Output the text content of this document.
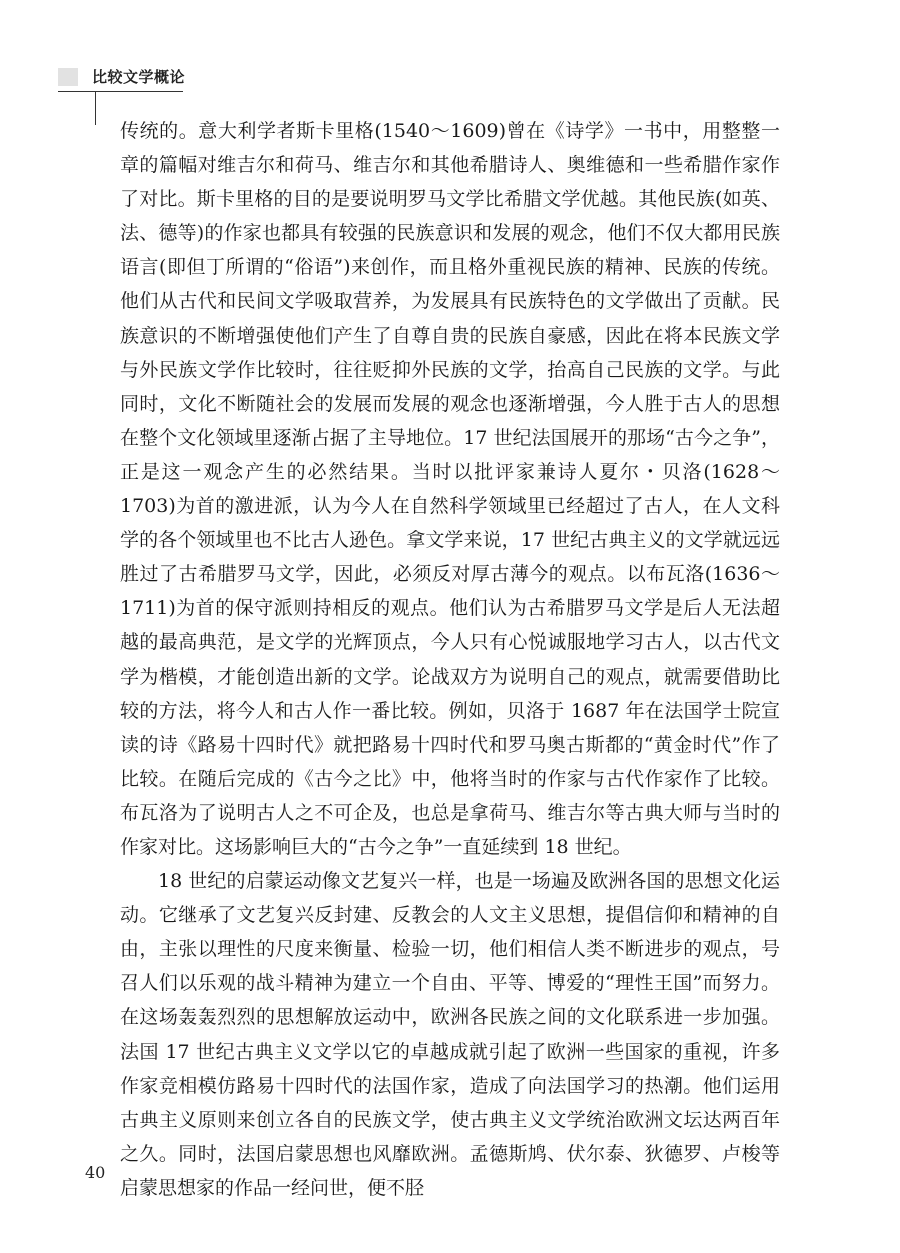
比较文学概论

传统的。意大利学者斯卡里格(1540～1609)曾在《诗学》一书中，用整整一章的篇幅对维吉尔和荷马、维吉尔和其他希腊诗人、奥维德和一些希腊作家作了对比。斯卡里格的目的是要说明罗马文学比希腊文学优越。其他民族(如英、法、德等)的作家也都具有较强的民族意识和发展的观念，他们不仅大都用民族语言(即但丁所谓的“俗语”)来创作，而且格外重视民族的精神、民族的传统。他们从古代和民间文学吸取营养，为发展具有民族特色的文学做出了贡献。民族意识的不断增强使他们产生了自尊自贵的民族自豪感，因此在将本民族文学与外民族文学作比较时，往往贬抑外民族的文学，抬高自己民族的文学。与此同时，文化不断随社会的发展而发展的观念也逐渐增强，今人胜于古人的思想在整个文化领域里逐渐占据了主导地位。17 世纪法国展开的那场“古今之争”，正是这一观念产生的必然结果。当时以批评家兼诗人夏尔・贝洛(1628～1703)为首的激进派，认为今人在自然科学领域里已经超过了古人，在人文科学的各个领域里也不比古人逊色。拿文学来说，17 世纪古典主义的文学就远远胜过了古希腊罗马文学，因此，必须反对厚古薄今的观点。以布瓦洛(1636～1711)为首的保守派则持相反的观点。他们认为古希腊罗马文学是后人无法超越的最高典范，是文学的光辉顶点，今人只有心悦诚服地学习古人，以古代文学为楷模，才能创造出新的文学。论战双方为说明自己的观点，就需要借助比较的方法，将今人和古人作一番比较。例如，贝洛于 1687 年在法国学士院宣读的诗《路易十四时代》就把路易十四时代和罗马奥古斯都的“黄金时代”作了比较。在随后完成的《古今之比》中，他将当时的作家与古代作家作了比较。布瓦洛为了说明古人之不可企及，也总是拿荷马、维吉尔等古典大师与当时的作家对比。这场影响巨大的“古今之争”一直延续到 18 世纪。

18 世纪的启蒙运动像文艺复兴一样，也是一场遍及欧洲各国的思想文化运动。它继承了文艺复兴反封建、反教会的人文主义思想，提倡信仰和精神的自由，主张以理性的尺度来衡量、检验一切，他们相信人类不断进步的观点，号召人们以乐观的战斗精神为建立一个自由、平等、博爱的“理性王国”而努力。在这场轰轰烈烈的思想解放运动中，欧洲各民族之间的文化联系进一步加强。法国 17 世纪古典主义文学以它的卓越成就引起了欧洲一些国家的重视，许多作家竞相模仿路易十四时代的法国作家，造成了向法国学习的热潮。他们运用古典主义原则来创立各自的民族文学，使古典主义文学统治欧洲文坛达两百年之久。同时，法国启蒙思想也风靡欧洲。孟德斯鸠、伏尔泰、狄德罗、卢梭等启蒙思想家的作品一经问世，便不胫

40
